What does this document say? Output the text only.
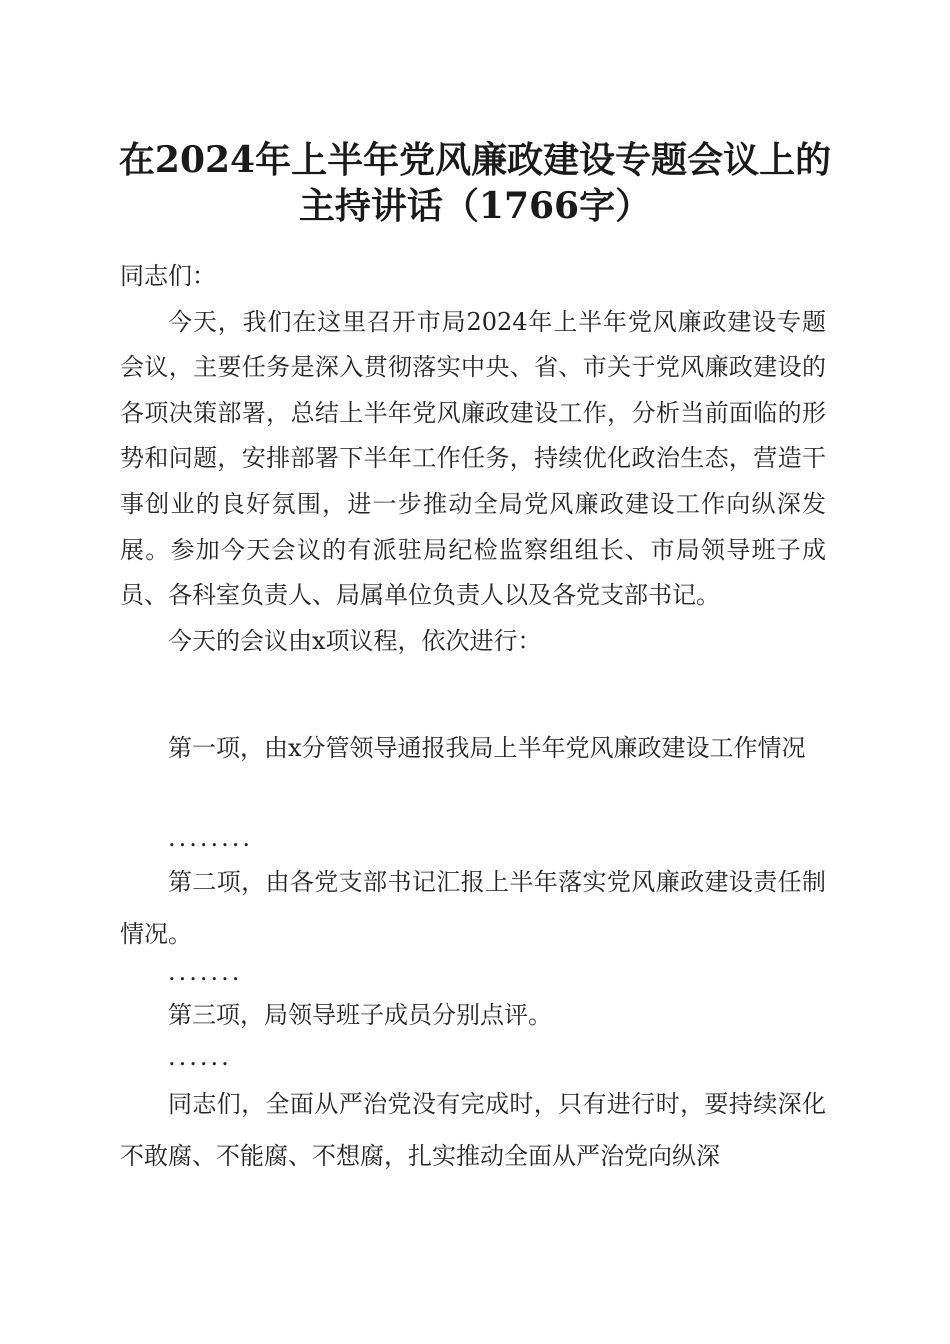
在2024年上半年党风廉政建设专题会议上的
主持讲话（1766字）

同志们：

今天，我们在这里召开市局2024年上半年党风廉政建设专题会议，主要任务是深入贯彻落实中央、省、市关于党风廉政建设的各项决策部署，总结上半年党风廉政建设工作，分析当前面临的形势和问题，安排部署下半年工作任务，持续优化政治生态，营造干事创业的良好氛围，进一步推动全局党风廉政建设工作向纵深发展。参加今天会议的有派驻局纪检监察组组长、市局领导班子成员、各科室负责人、局属单位负责人以及各党支部书记。

今天的会议由x项议程，依次进行：

第一项，由x分管领导通报我局上半年党风廉政建设工作情况

........

第二项，由各党支部书记汇报上半年落实党风廉政建设责任制情况。

.......

第三项，局领导班子成员分别点评。

......

同志们，全面从严治党没有完成时，只有进行时，要持续深化不敢腐、不能腐、不想腐，扎实推动全面从严治党向纵深
